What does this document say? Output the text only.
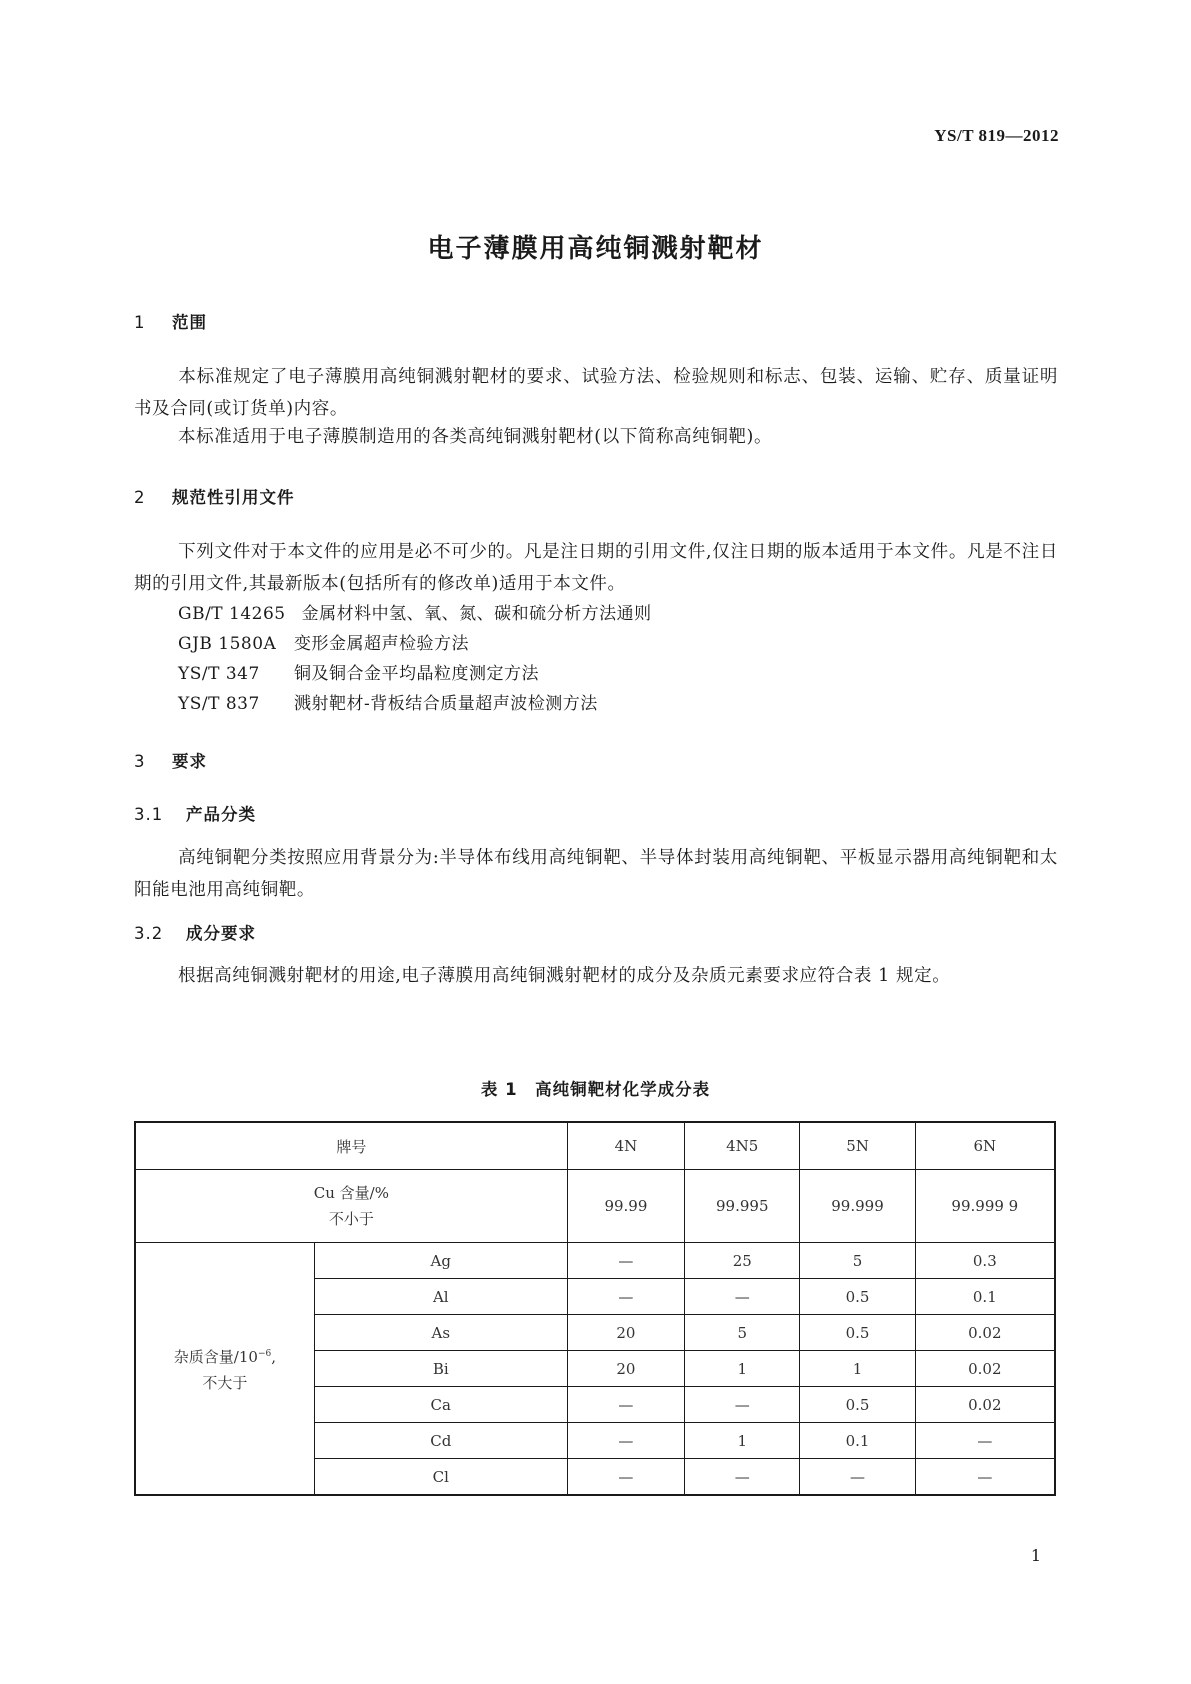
YS/T 819—2012
电子薄膜用高纯铜溅射靶材
1 范围
本标准规定了电子薄膜用高纯铜溅射靶材的要求、试验方法、检验规则和标志、包装、运输、贮存、质量证明书及合同(或订货单)内容。
本标准适用于电子薄膜制造用的各类高纯铜溅射靶材(以下简称高纯铜靶)。
2 规范性引用文件
下列文件对于本文件的应用是必不可少的。凡是注日期的引用文件,仅注日期的版本适用于本文件。凡是不注日期的引用文件,其最新版本(包括所有的修改单)适用于本文件。
GB/T 14265 金属材料中氢、氧、氮、碳和硫分析方法通则
GJB 1580A 变形金属超声检验方法
YS/T 347 铜及铜合金平均晶粒度测定方法
YS/T 837 溅射靶材-背板结合质量超声波检测方法
3 要求
3.1 产品分类
高纯铜靶分类按照应用背景分为:半导体布线用高纯铜靶、半导体封装用高纯铜靶、平板显示器用高纯铜靶和太阳能电池用高纯铜靶。
3.2 成分要求
根据高纯铜溅射靶材的用途,电子薄膜用高纯铜溅射靶材的成分及杂质元素要求应符合表 1 规定。
表 1　高纯铜靶材化学成分表
牌号		4N	4N5	5N	6N

Cu 含量/%
不小于		99.99	99.995	99.999	99.999 9

杂质含量$/10^{-6}$,
不大于	Ag	—	25	5	0.3
	Al	—	—	0.5	0.1
	As	20	5	0.5	0.02
	Bi	20	1	1	0.02
	Ca	—	—	0.5	0.02
	Cd	—	1	0.1	—
	Cl	—	—	—	—
1
